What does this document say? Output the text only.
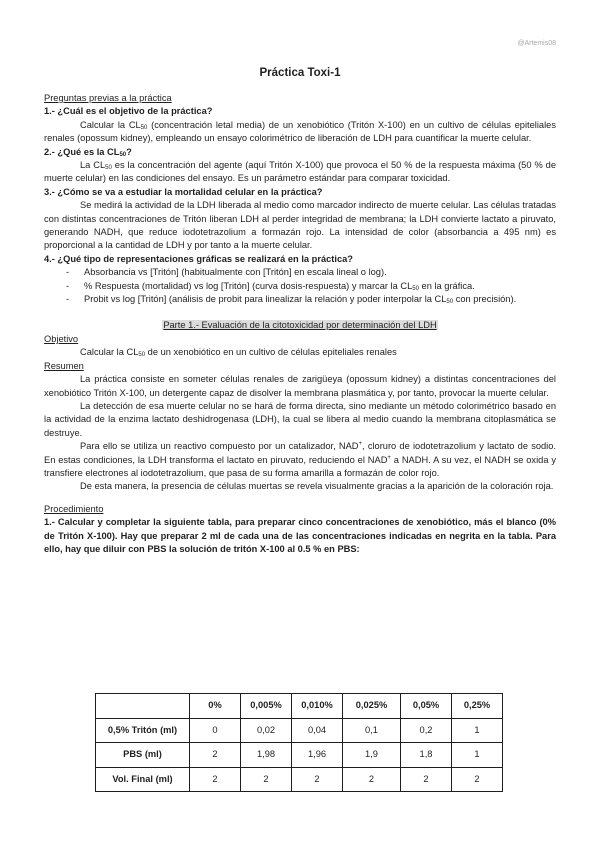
@Artemis08
Práctica Toxi-1
Preguntas previas a la práctica
1.- ¿Cuál es el objetivo de la práctica?

Calcular la $CL_{50}$ (concentración letal media) de un xenobiótico (Tritón X-100) en un cultivo de células epiteliales renales (opossum kidney), empleando un ensayo colorimétrico de liberación de LDH para cuantificar la muerte celular.

2.- ¿Qué es la $CL_{50}$?

La $CL_{50}$ es la concentración del agente (aquí Tritón X-100) que provoca el 50 % de la respuesta máxima (50 % de muerte celular) en las condiciones del ensayo. Es un parámetro estándar para comparar toxicidad.

3.- ¿Cómo se va a estudiar la mortalidad celular en la práctica?

Se medirá la actividad de la LDH liberada al medio como marcador indirecto de muerte celular. Las células tratadas con distintas concentraciones de Tritón liberan LDH al perder integridad de membrana; la LDH convierte lactato a piruvato, generando NADH, que reduce iodotetrazolium a formazán rojo. La intensidad de color (absorbancia a 495 nm) es proporcional a la cantidad de LDH y por tanto a la muerte celular.

4.- ¿Qué tipo de representaciones gráficas se realizará en la práctica?
- Absorbancia vs [Tritón] (habitualmente con [Tritón] en escala lineal o log).
- % Respuesta (mortalidad) vs log [Tritón] (curva dosis-respuesta) y marcar la $CL_{50}$ en la gráfica.
- Probit vs log [Tritón] (análisis de probit para linealizar la relación y poder interpolar la $CL_{50}$ con precisión).
Parte 1.- Evaluación de la citotoxicidad por determinación del LDH
Objetivo

Calcular la $CL_{50}$ de un xenobiótico en un cultivo de células epiteliales renales

Resumen

La práctica consiste en someter células renales de zarigüeya (opossum kidney) a distintas concentraciones del xenobiótico Tritón X-100, un detergente capaz de disolver la membrana plasmática y, por tanto, provocar la muerte celular.

La detección de esa muerte celular no se hará de forma directa, sino mediante un método colorimétrico basado en la actividad de la enzima lactato deshidrogenasa (LDH), la cual se libera al medio cuando la membrana citoplasmática se destruye.

Para ello se utiliza un reactivo compuesto por un catalizador, NAD+, cloruro de iodotetrazolium y lactato de sodio. En estas condiciones, la LDH transforma el lactato en piruvato, reduciendo el NAD+ a NADH. A su vez, el NADH se oxida y transfiere electrones al iodotetrazolium, que pasa de su forma amarilla a formazán de color rojo.

De esta manera, la presencia de células muertas se revela visualmente gracias a la aparición de la coloración roja.

Procedimiento

1.- Calcular y completar la siguiente tabla, para preparar cinco concentraciones de xenobiótico, más el blanco (0% de Tritón X-100). Hay que preparar 2 ml de cada una de las concentraciones indicadas en negrita en la tabla. Para ello, hay que diluir con PBS la solución de tritón X-100 al 0.5 % en PBS:

	0%	0,005%	0,010%	0,025%	0,05%	0,25%
0,5% Tritón (ml)	0	0,02	0,04	0,1	0,2	1
PBS (ml)	2	1,98	1,96	1,9	1,8	1
Vol. Final (ml)	2	2	2	2	2	2
